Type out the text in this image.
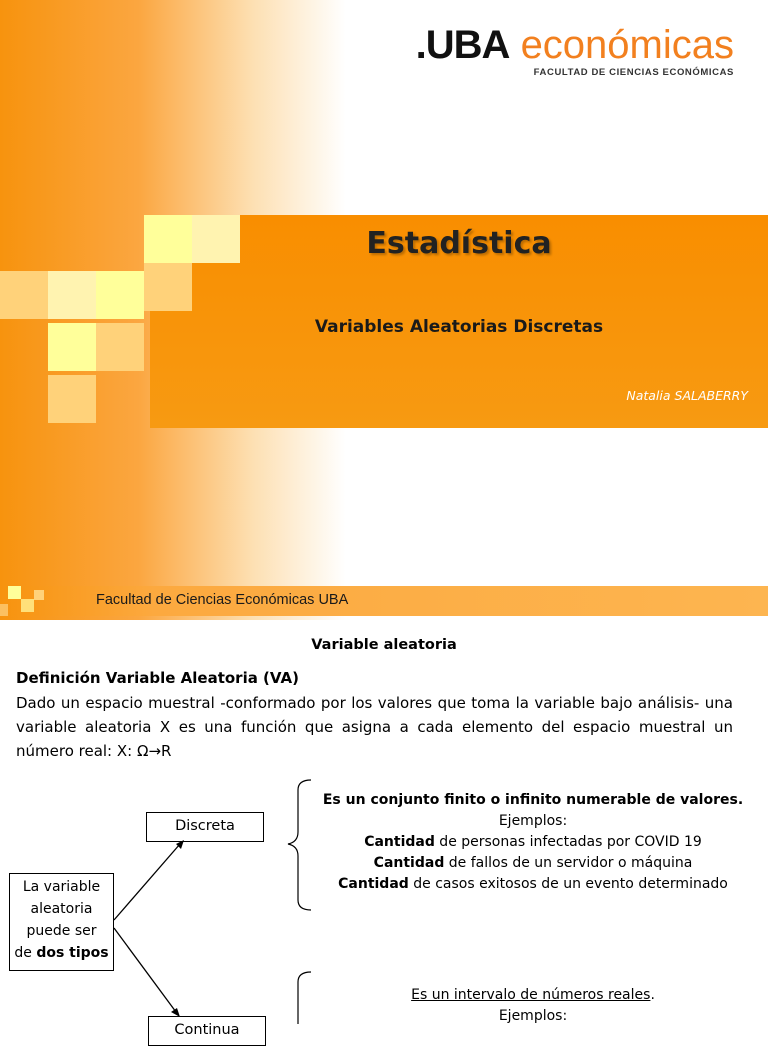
.UBA económicas
FACULTAD DE CIENCIAS ECONÓMICAS
Estadística
Variables Aleatorias Discretas
Natalia SALABERRY
Facultad de Ciencias Económicas UBA
Variable aleatoria
Definición Variable Aleatoria (VA)
Dado un espacio muestral -conformado por los valores que toma la variable bajo análisis- una variable aleatoria X es una función que asigna a cada elemento del espacio muestral un número real: X: Ω→R
La variable
aleatoria
puede ser
de dos tipos
Discreta
Continua
Es un conjunto finito o infinito numerable de valores.
Ejemplos:
Cantidad de personas infectadas por COVID 19
Cantidad de fallos de un servidor o máquina
Cantidad de casos exitosos de un evento determinado
Es un intervalo de números reales.
Ejemplos:
